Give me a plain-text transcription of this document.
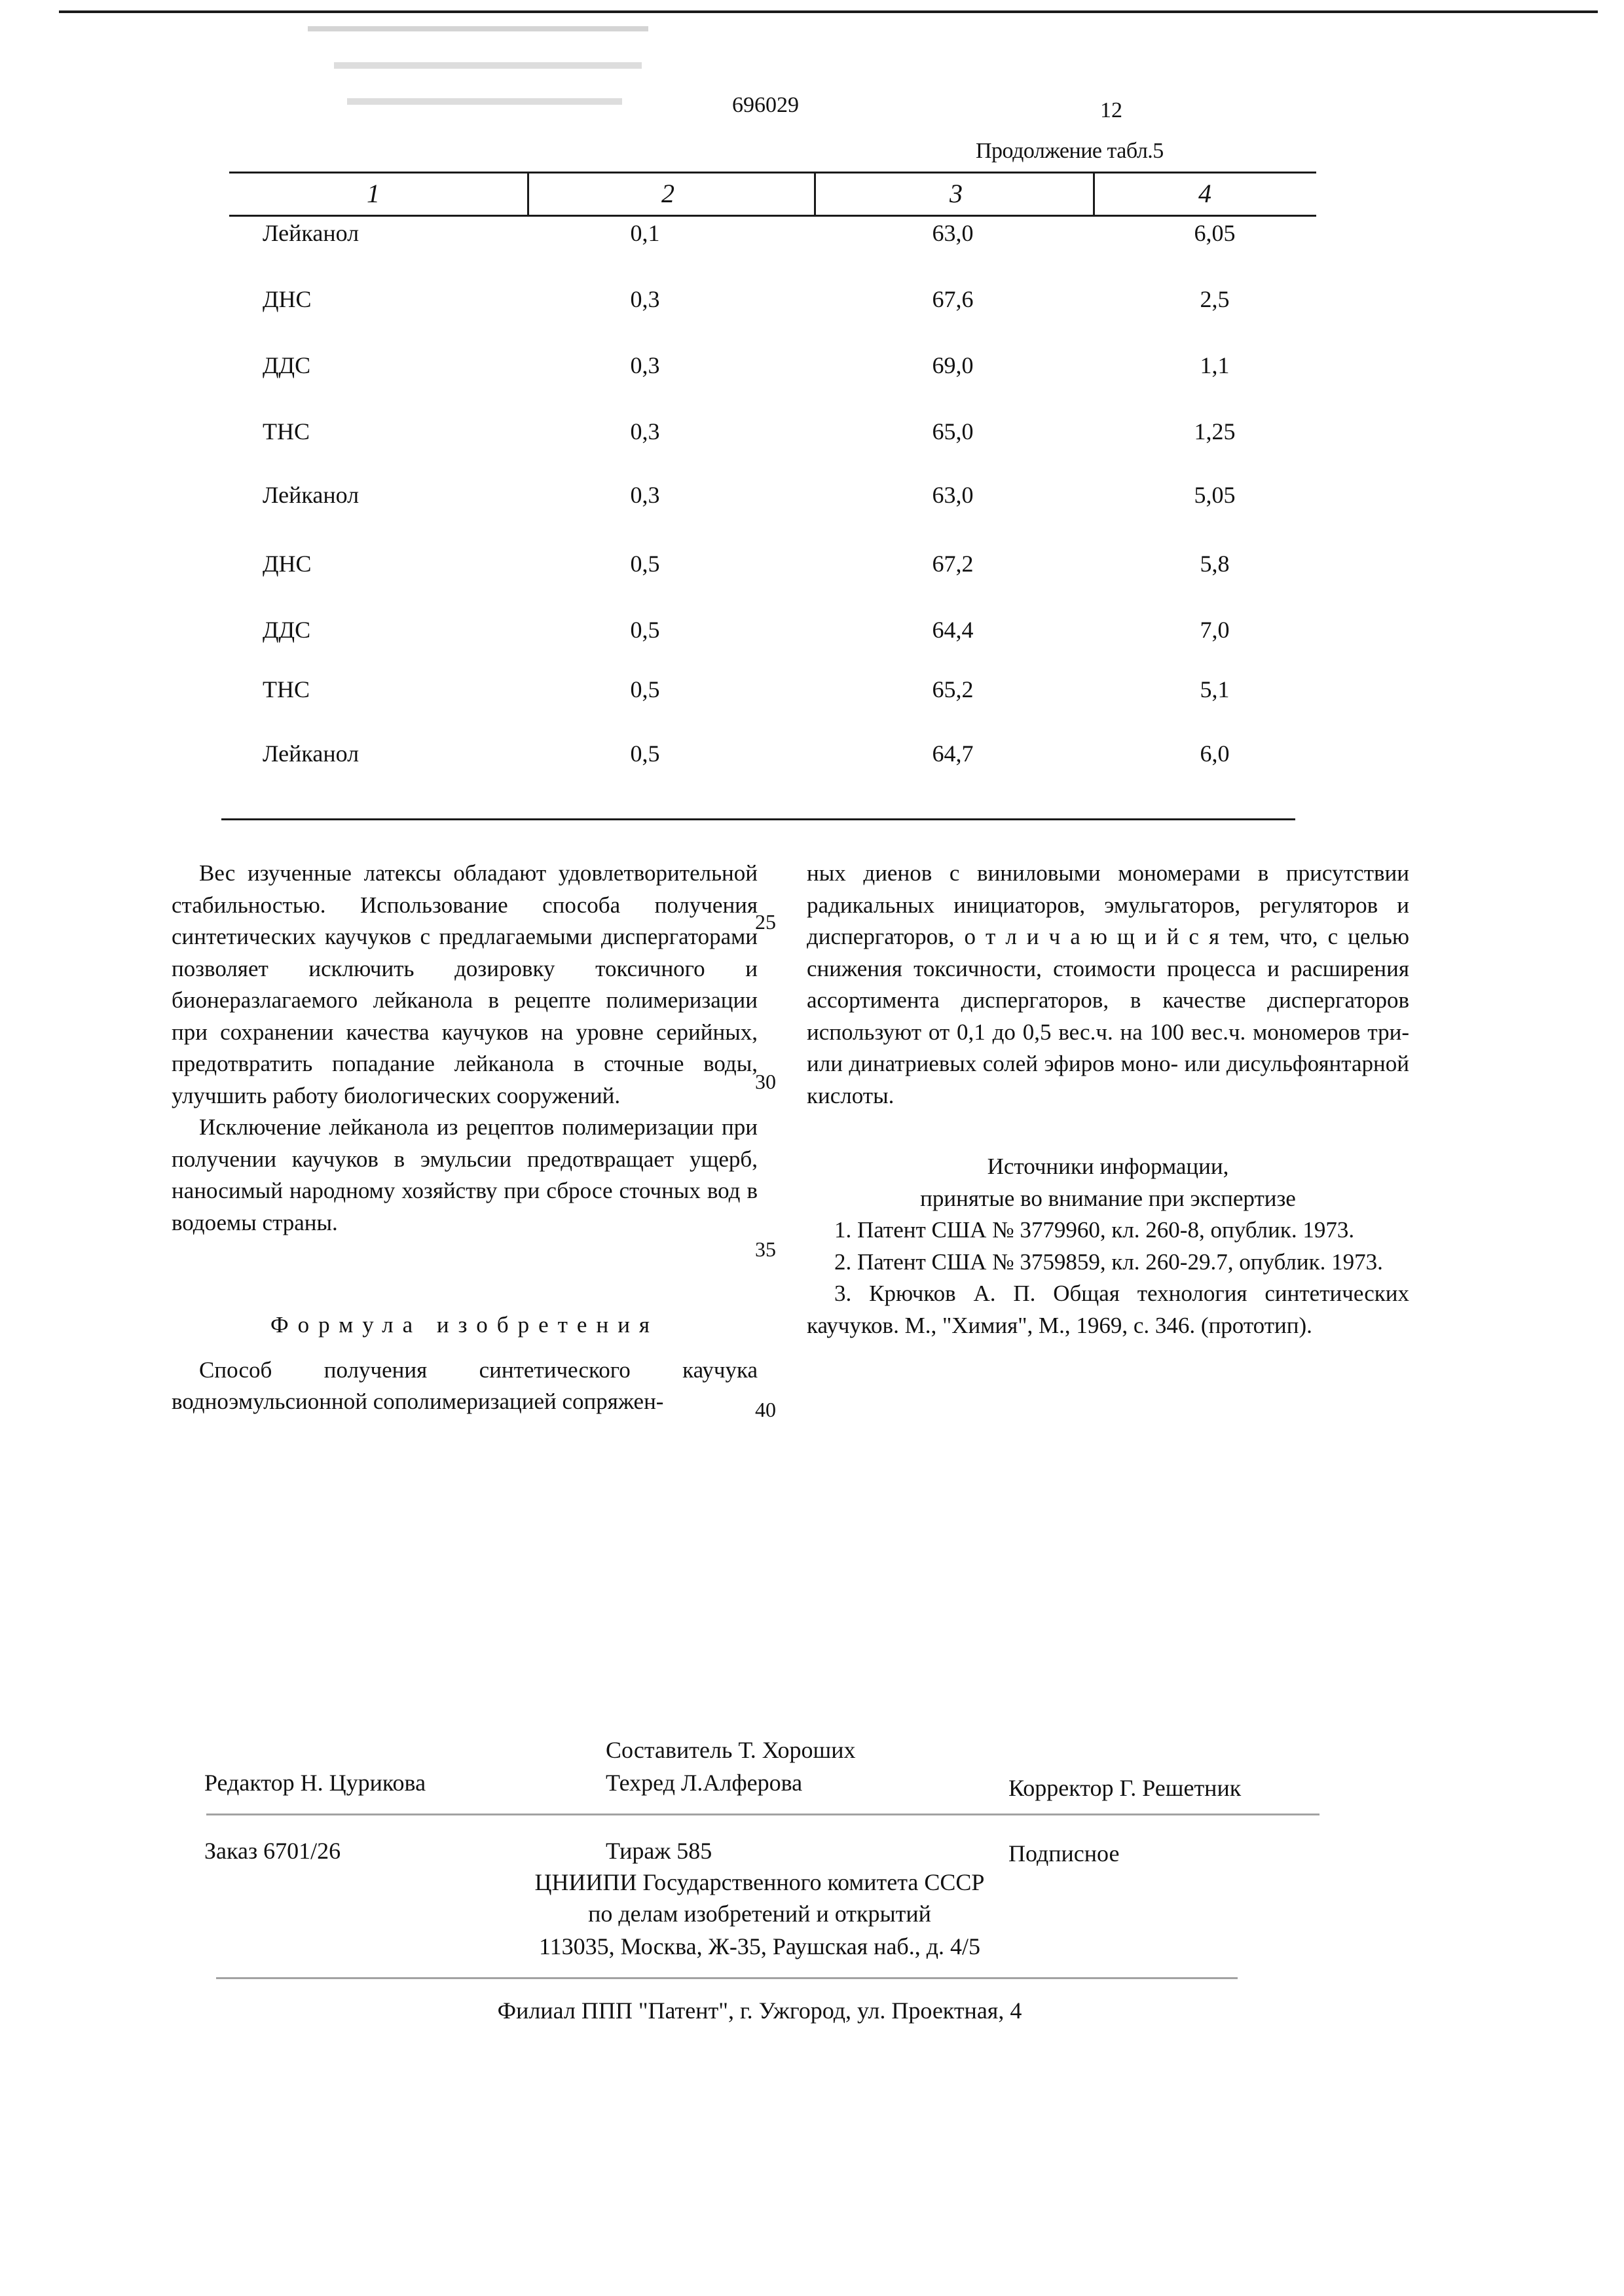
696029	12
Продолжение табл.5
1	2	3	4
Лейканол	0,1	63,0	6,05
ДНС	0,3	67,6	2,5
ДДС	0,3	69,0	1,1
ТНС	0,3	65,0	1,25
Лейканол	0,3	63,0	5,05
ДНС	0,5	67,2	5,8
ДДС	0,5	64,4	7,0
ТНС	0,5	65,2	5,1
Лейканол	0,5	64,7	6,0

Вес изученные латексы обладают удовлетворительной стабильностью. Использование способа получения синтетических каучуков с предлагаемыми диспергаторами позволяет исключить дозировку токсичного и бионеразлагаемого лейканола в рецепте полимеризации при сохранении качества каучуков на уровне серийных, предотвратить попадание лейканола в сточные воды, улучшить работу биологических сооружений.

Исключение лейканола из рецептов полимеризации при получении каучуков в эмульсии предотвращает ущерб, наносимый народному хозяйству при сбросе сточных вод в водоемы страны.

Формула изобретения

Способ получения синтетического каучука водноэмульсионной сополимеризацией сопряжен-

25
30
35
40

ных диенов с виниловыми мономерами в присутствии радикальных инициаторов, эмульгаторов, регуляторов и диспергаторов, о т л и ч а ю щ и й с я тем, что, с целью снижения токсичности, стоимости процесса и расширения ассортимента диспергаторов, в качестве диспергаторов используют от 0,1 до 0,5 вес.ч. на 100 вес.ч. мономеров три- или динатриевых солей эфиров моно- или дисульфоянтарной кислоты.

Источники информации,

принятые во внимание при экспертизе

1. Патент США № 3779960, кл. 260-8, опублик. 1973.

2. Патент США № 3759859, кл. 260-29.7, опублик. 1973.

3. Крючков А. П. Общая технология синтетических каучуков. М., "Химия", М., 1969, с. 346. (прототип).

Составитель Т. Хороших
Редактор Н. Цурикова	Техред Л.Алферова	Корректор Г. Решетник
Заказ 6701/26	Тираж 585	Подписное
ЦНИИПИ Государственного комитета СССР
по делам изобретений и открытий
113035, Москва, Ж-35, Раушская наб., д. 4/5
Филиал ППП "Патент", г. Ужгород, ул. Проектная, 4
